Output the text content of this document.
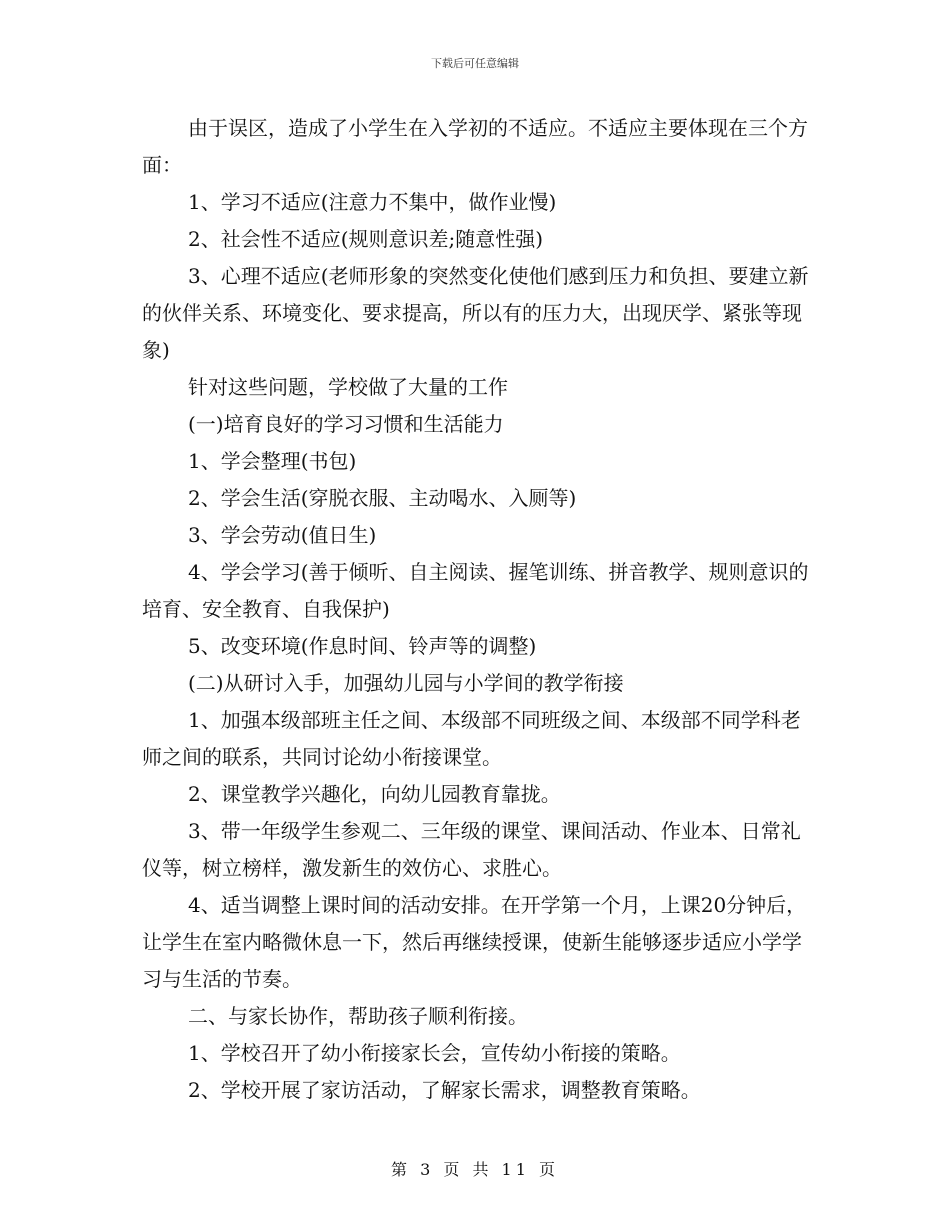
下载后可任意编辑

由于误区，造成了小学生在入学初的不适应。不适应主要体现在三个方面：

1、学习不适应(注意力不集中，做作业慢)

2、社会性不适应(规则意识差;随意性强)

3、心理不适应(老师形象的突然变化使他们感到压力和负担、要建立新的伙伴关系、环境变化、要求提高，所以有的压力大，出现厌学、紧张等现象)

针对这些问题，学校做了大量的工作

(一)培育良好的学习习惯和生活能力

1、学会整理(书包)

2、学会生活(穿脱衣服、主动喝水、入厕等)

3、学会劳动(值日生)

4、学会学习(善于倾听、自主阅读、握笔训练、拼音教学、规则意识的培育、安全教育、自我保护)

5、改变环境(作息时间、铃声等的调整)

(二)从研讨入手，加强幼儿园与小学间的教学衔接

1、加强本级部班主任之间、本级部不同班级之间、本级部不同学科老师之间的联系，共同讨论幼小衔接课堂。

2、课堂教学兴趣化，向幼儿园教育靠拢。

3、带一年级学生参观二、三年级的课堂、课间活动、作业本、日常礼仪等，树立榜样，激发新生的效仿心、求胜心。

4、适当调整上课时间的活动安排。在开学第一个月，上课20分钟后，让学生在室内略微休息一下，然后再继续授课，使新生能够逐步适应小学学习与生活的节奏。

二、与家长协作，帮助孩子顺利衔接。

1、学校召开了幼小衔接家长会，宣传幼小衔接的策略。

2、学校开展了家访活动，了解家长需求，调整教育策略。

第 3 页 共 11 页
